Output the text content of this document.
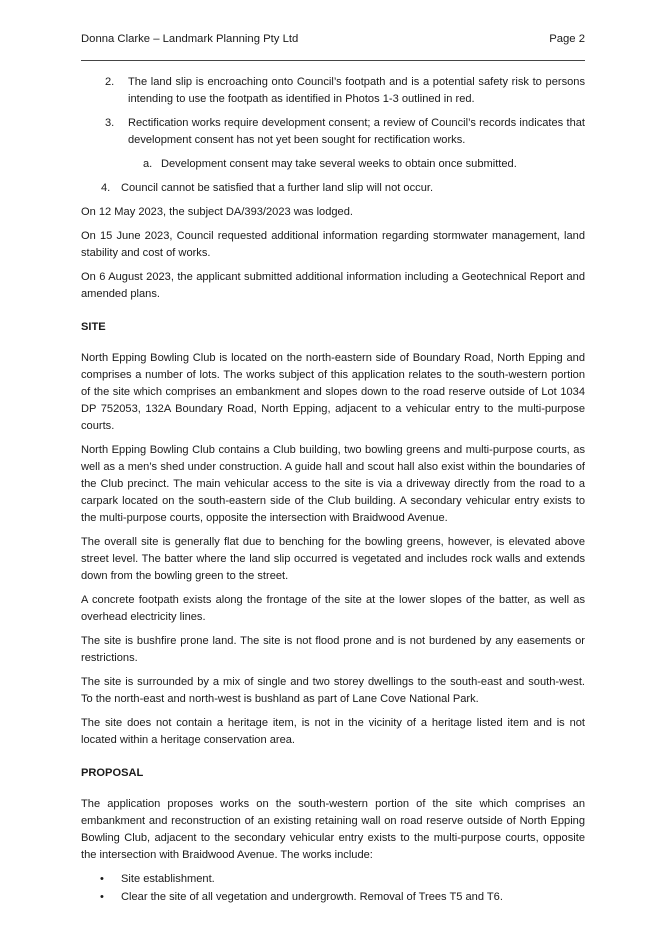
Donna Clarke – Landmark Planning Pty Ltd	Page 2
2. The land slip is encroaching onto Council’s footpath and is a potential safety risk to persons intending to use the footpath as identified in Photos 1-3 outlined in red.
3. Rectification works require development consent; a review of Council’s records indicates that development consent has not yet been sought for rectification works.
a. Development consent may take several weeks to obtain once submitted.
4. Council cannot be satisfied that a further land slip will not occur.

On 12 May 2023, the subject DA/393/2023 was lodged.

On 15 June 2023, Council requested additional information regarding stormwater management, land stability and cost of works.

On 6 August 2023, the applicant submitted additional information including a Geotechnical Report and amended plans.

SITE

North Epping Bowling Club is located on the north-eastern side of Boundary Road, North Epping and comprises a number of lots. The works subject of this application relates to the south-western portion of the site which comprises an embankment and slopes down to the road reserve outside of Lot 1034 DP 752053, 132A Boundary Road, North Epping, adjacent to a vehicular entry to the multi-purpose courts.

North Epping Bowling Club contains a Club building, two bowling greens and multi-purpose courts, as well as a men’s shed under construction. A guide hall and scout hall also exist within the boundaries of the Club precinct. The main vehicular access to the site is via a driveway directly from the road to a carpark located on the south-eastern side of the Club building. A secondary vehicular entry exists to the multi-purpose courts, opposite the intersection with Braidwood Avenue.

The overall site is generally flat due to benching for the bowling greens, however, is elevated above street level. The batter where the land slip occurred is vegetated and includes rock walls and extends down from the bowling green to the street.

A concrete footpath exists along the frontage of the site at the lower slopes of the batter, as well as overhead electricity lines.

The site is bushfire prone land. The site is not flood prone and is not burdened by any easements or restrictions.

The site is surrounded by a mix of single and two storey dwellings to the south-east and south-west. To the north-east and north-west is bushland as part of Lane Cove National Park.

The site does not contain a heritage item, is not in the vicinity of a heritage listed item and is not located within a heritage conservation area.

PROPOSAL

The application proposes works on the south-western portion of the site which comprises an embankment and reconstruction of an existing retaining wall on road reserve outside of North Epping Bowling Club, adjacent to the secondary vehicular entry exists to the multi-purpose courts, opposite the intersection with Braidwood Avenue. The works include:

• Site establishment.
• Clear the site of all vegetation and undergrowth. Removal of Trees T5 and T6.
